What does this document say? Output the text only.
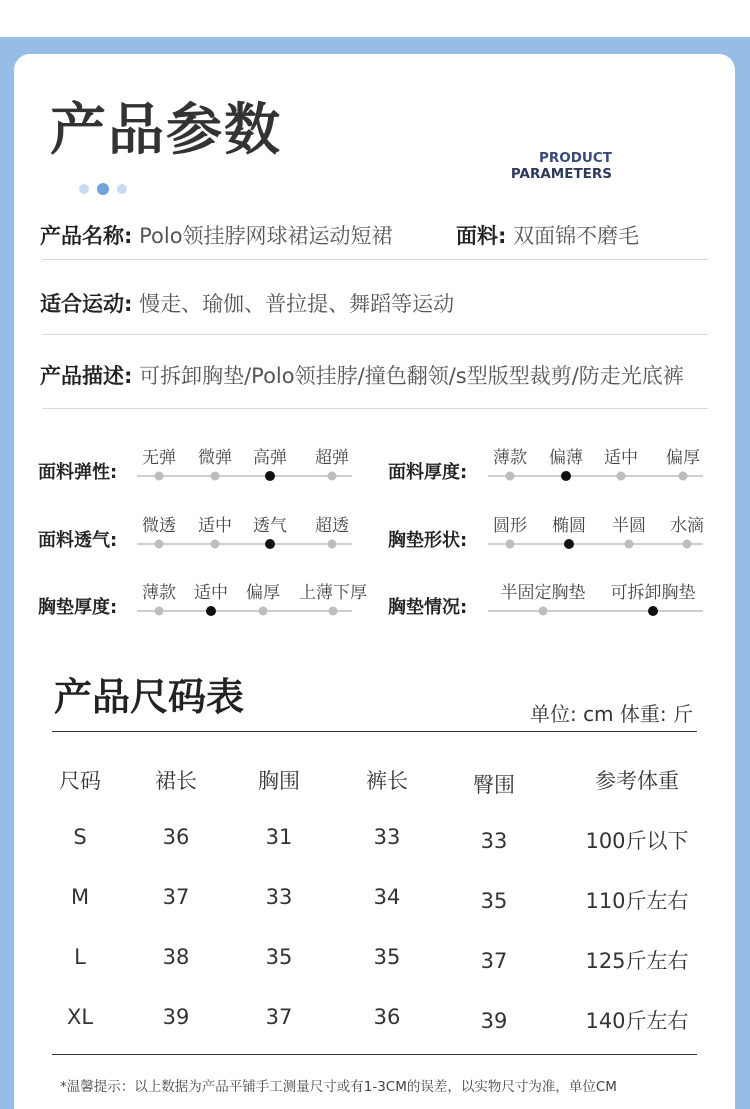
产品参数	PRODUCT
PARAMETERS
产品名称: Polo领挂脖网球裙运动短裙	面料: 双面锦不磨毛
适合运动: 慢走、瑜伽、普拉提、舞蹈等运动
产品描述: 可拆卸胸垫/Polo领挂脖/撞色翻领/s型版型裁剪/防走光底裤
面料弹性:
无弹 微弹 高弹 超弹
面料厚度:
薄款 偏薄 适中 偏厚
面料透气:
微透 适中 透气 超透
胸垫形状:
圆形 椭圆 半圆 水滴
胸垫厚度:
薄款 适中 偏厚 上薄下厚
胸垫情况:
半固定胸垫 可拆卸胸垫
产品尺码表	单位: cm 体重: 斤
尺码	裙长	胸围	裤长	臀围	参考体重
S	36	31	33	33	100斤以下
M	37	33	34	35	110斤左右
L	38	35	35	37	125斤左右
XL	39	37	36	39	140斤左右
*温馨提示：以上数据为产品平铺手工测量尺寸或有1-3CM的误差，以实物尺寸为准，单位CM
